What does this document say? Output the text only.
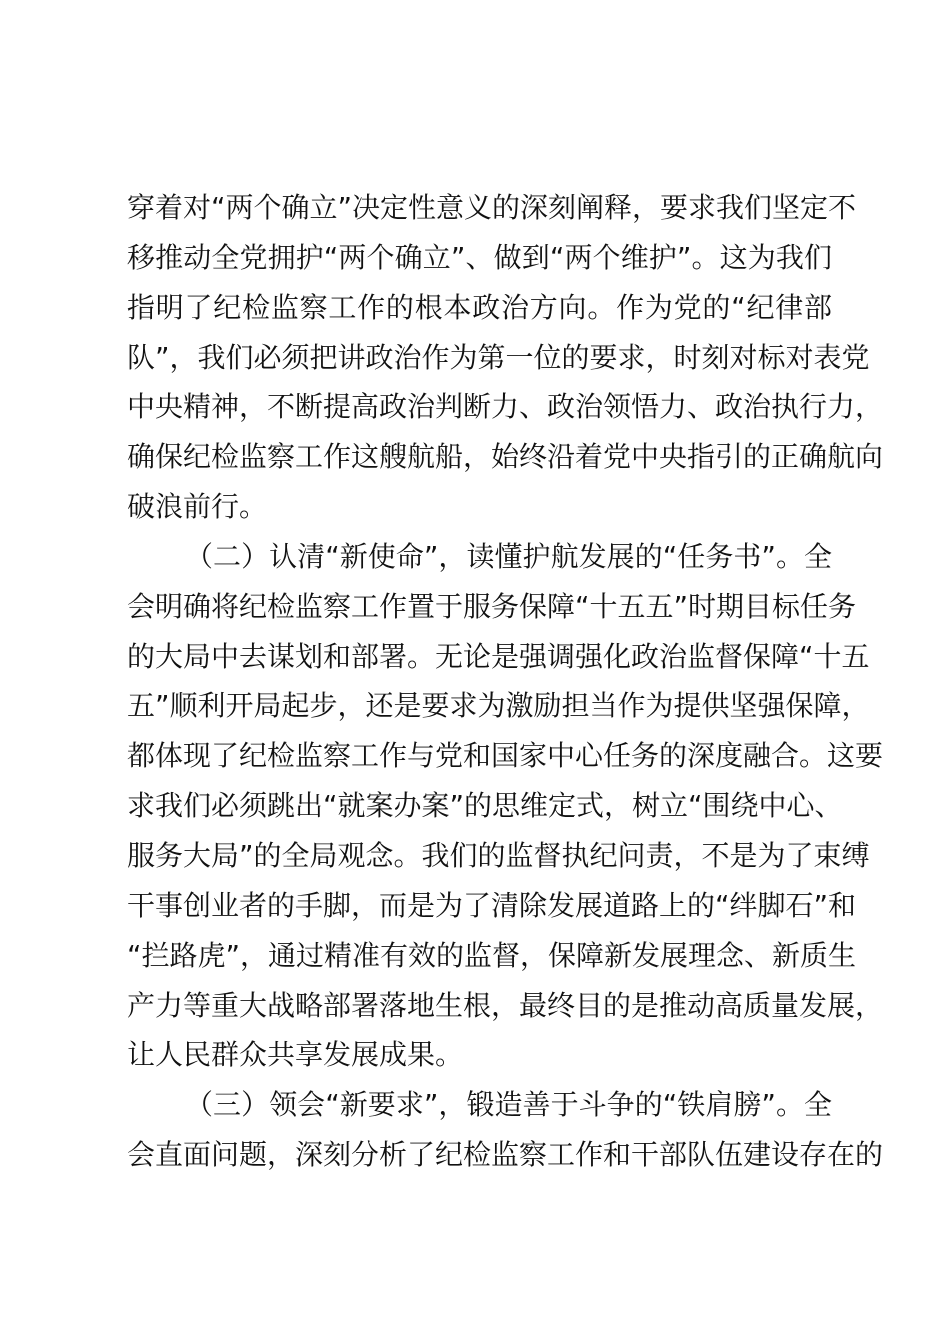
穿着对“两个确立”决定性意义的深刻阐释，要求我们坚定不
移推动全党拥护“两个确立”、做到“两个维护”。这为我们
指明了纪检监察工作的根本政治方向。作为党的“纪律部
队”，我们必须把讲政治作为第一位的要求，时刻对标对表党
中央精神，不断提高政治判断力、政治领悟力、政治执行力，
确保纪检监察工作这艘航船，始终沿着党中央指引的正确航向
破浪前行。
（二）认清“新使命”，读懂护航发展的“任务书”。全
会明确将纪检监察工作置于服务保障“十五五”时期目标任务
的大局中去谋划和部署。无论是强调强化政治监督保障“十五
五”顺利开局起步，还是要求为激励担当作为提供坚强保障，
都体现了纪检监察工作与党和国家中心任务的深度融合。这要
求我们必须跳出“就案办案”的思维定式，树立“围绕中心、
服务大局”的全局观念。我们的监督执纪问责，不是为了束缚
干事创业者的手脚，而是为了清除发展道路上的“绊脚石”和
“拦路虎”，通过精准有效的监督，保障新发展理念、新质生
产力等重大战略部署落地生根，最终目的是推动高质量发展，
让人民群众共享发展成果。
（三）领会“新要求”，锻造善于斗争的“铁肩膀”。全
会直面问题，深刻分析了纪检监察工作和干部队伍建设存在的
